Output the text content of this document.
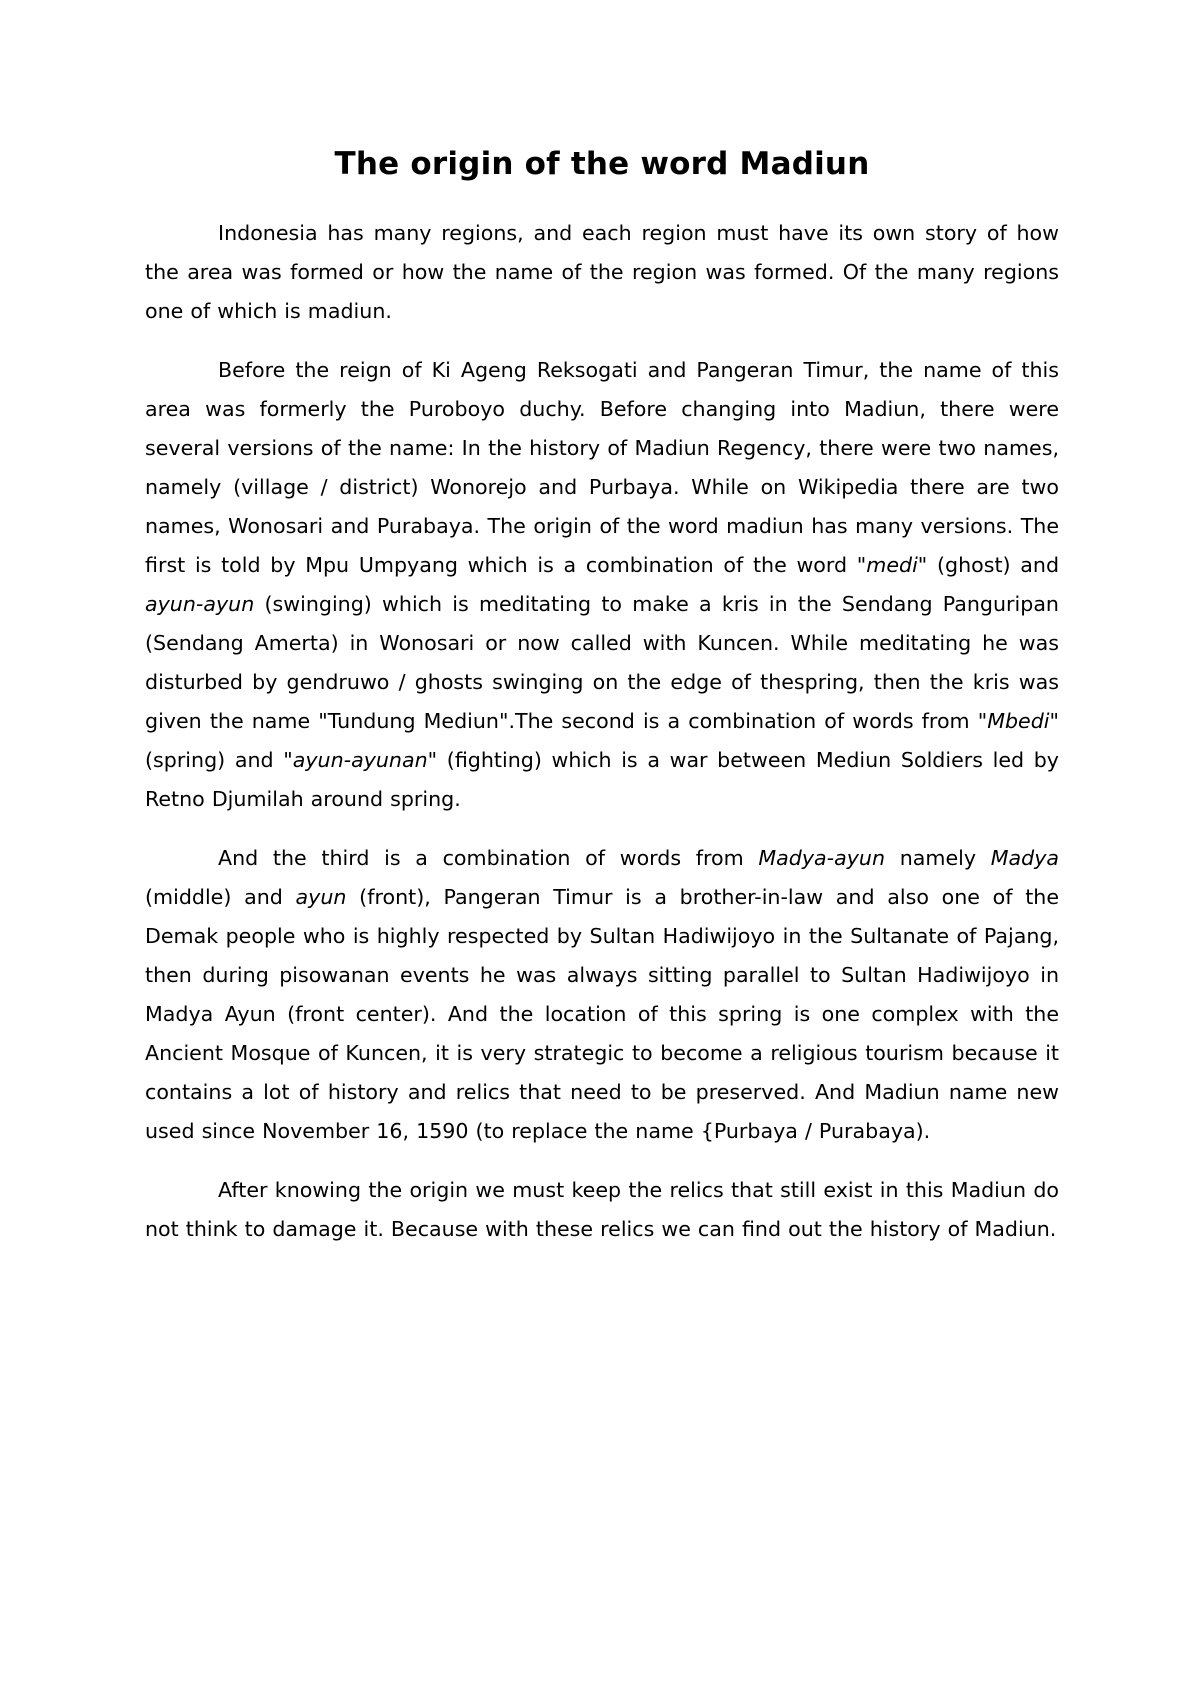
The origin of the word Madiun

Indonesia has many regions, and each region must have its own story of how the area was formed or how the name of the region was formed. Of the many regions one of which is madiun.

Before the reign of Ki Ageng Reksogati and Pangeran Timur, the name of this area was formerly the Puroboyo duchy. Before changing into Madiun, there were several versions of the name: In the history of Madiun Regency, there were two names, namely (village / district) Wonorejo and Purbaya. While on Wikipedia there are two names, Wonosari and Purabaya. The origin of the word madiun has many versions. The first is told by Mpu Umpyang which is a combination of the word "medi" (ghost) and ayun-ayun (swinging) which is meditating to make a kris in the Sendang Panguripan (Sendang Amerta) in Wonosari or now called with Kuncen. While meditating he was disturbed by gendruwo / ghosts swinging on the edge of thespring, then the kris was given the name "Tundung Mediun".The second is a combination of words from "Mbedi" (spring) and "ayun-ayunan" (fighting) which is a war between Mediun Soldiers led by Retno Djumilah around spring.

And the third is a combination of words from Madya-ayun namely Madya (middle) and ayun (front), Pangeran Timur is a brother-in-law and also one of the Demak people who is highly respected by Sultan Hadiwijoyo in the Sultanate of Pajang, then during pisowanan events he was always sitting parallel to Sultan Hadiwijoyo in Madya Ayun (front center). And the location of this spring is one complex with the Ancient Mosque of Kuncen, it is very strategic to become a religious tourism because it contains a lot of history and relics that need to be preserved. And Madiun name new used since November 16, 1590 (to replace the name {Purbaya / Purabaya).

After knowing the origin we must keep the relics that still exist in this Madiun do not think to damage it. Because with these relics we can find out the history of Madiun.
